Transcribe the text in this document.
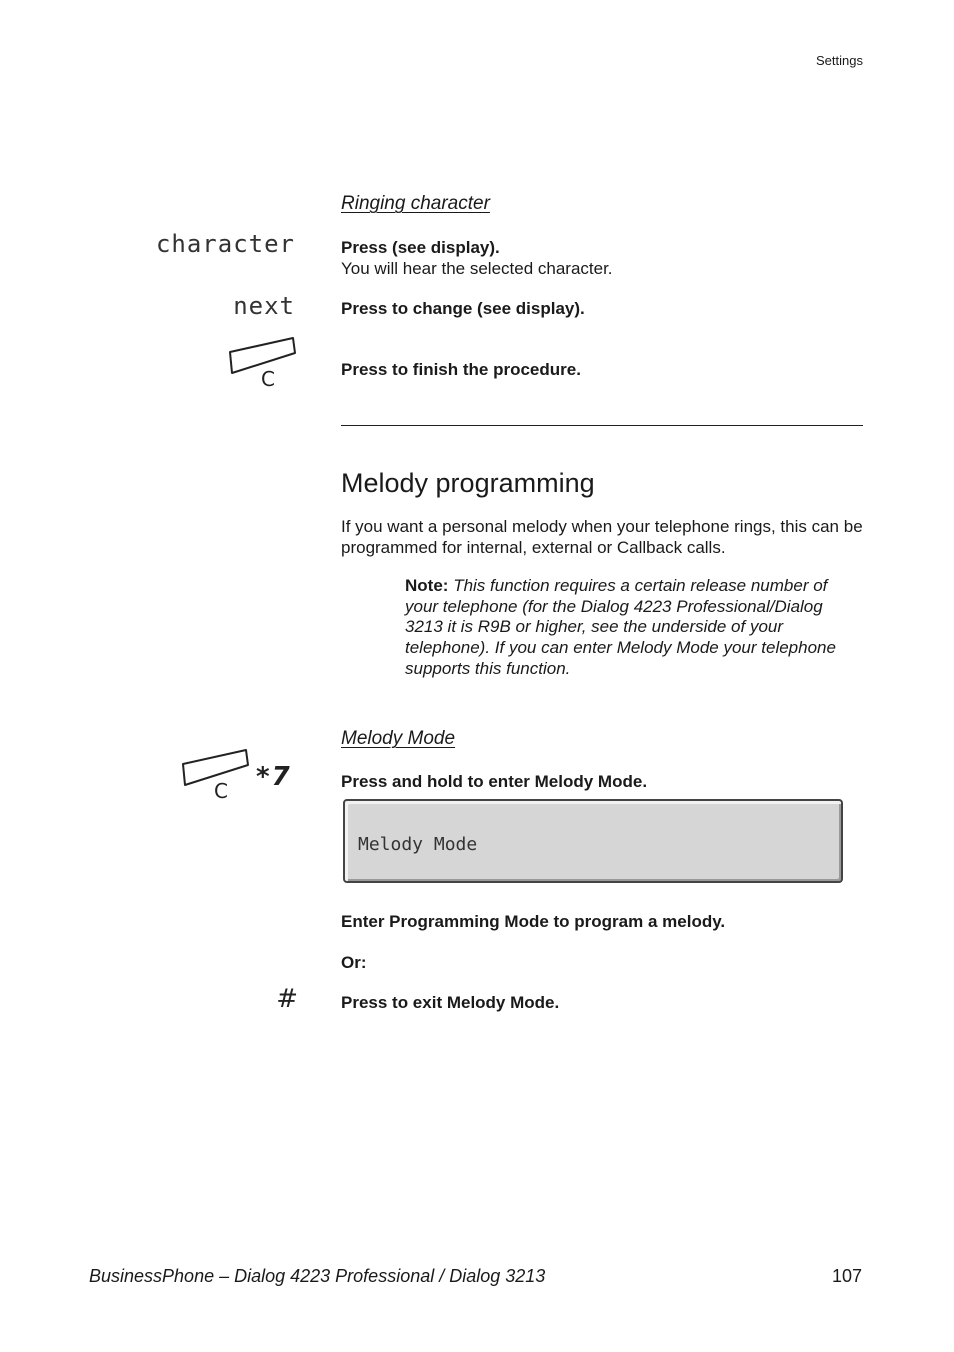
Settings
Ringing character
character	Press (see display).
You will hear the selected character.
next	Press to change (see display).
C	Press to finish the procedure.
Melody programming
If you want a personal melody when your telephone rings, this can be programmed for internal, external or Callback calls.
Note: This function requires a certain release number of your telephone (for the Dialog 4223 Professional/Dialog 3213 it is R9B or higher, see the underside of your telephone). If you can enter Melody Mode your telephone supports this function.
Melody Mode
C *7	Press and hold to enter Melody Mode.
Melody Mode
Enter Programming Mode to program a melody.
Or:
#	Press to exit Melody Mode.
BusinessPhone – Dialog 4223 Professional / Dialog 3213	107
